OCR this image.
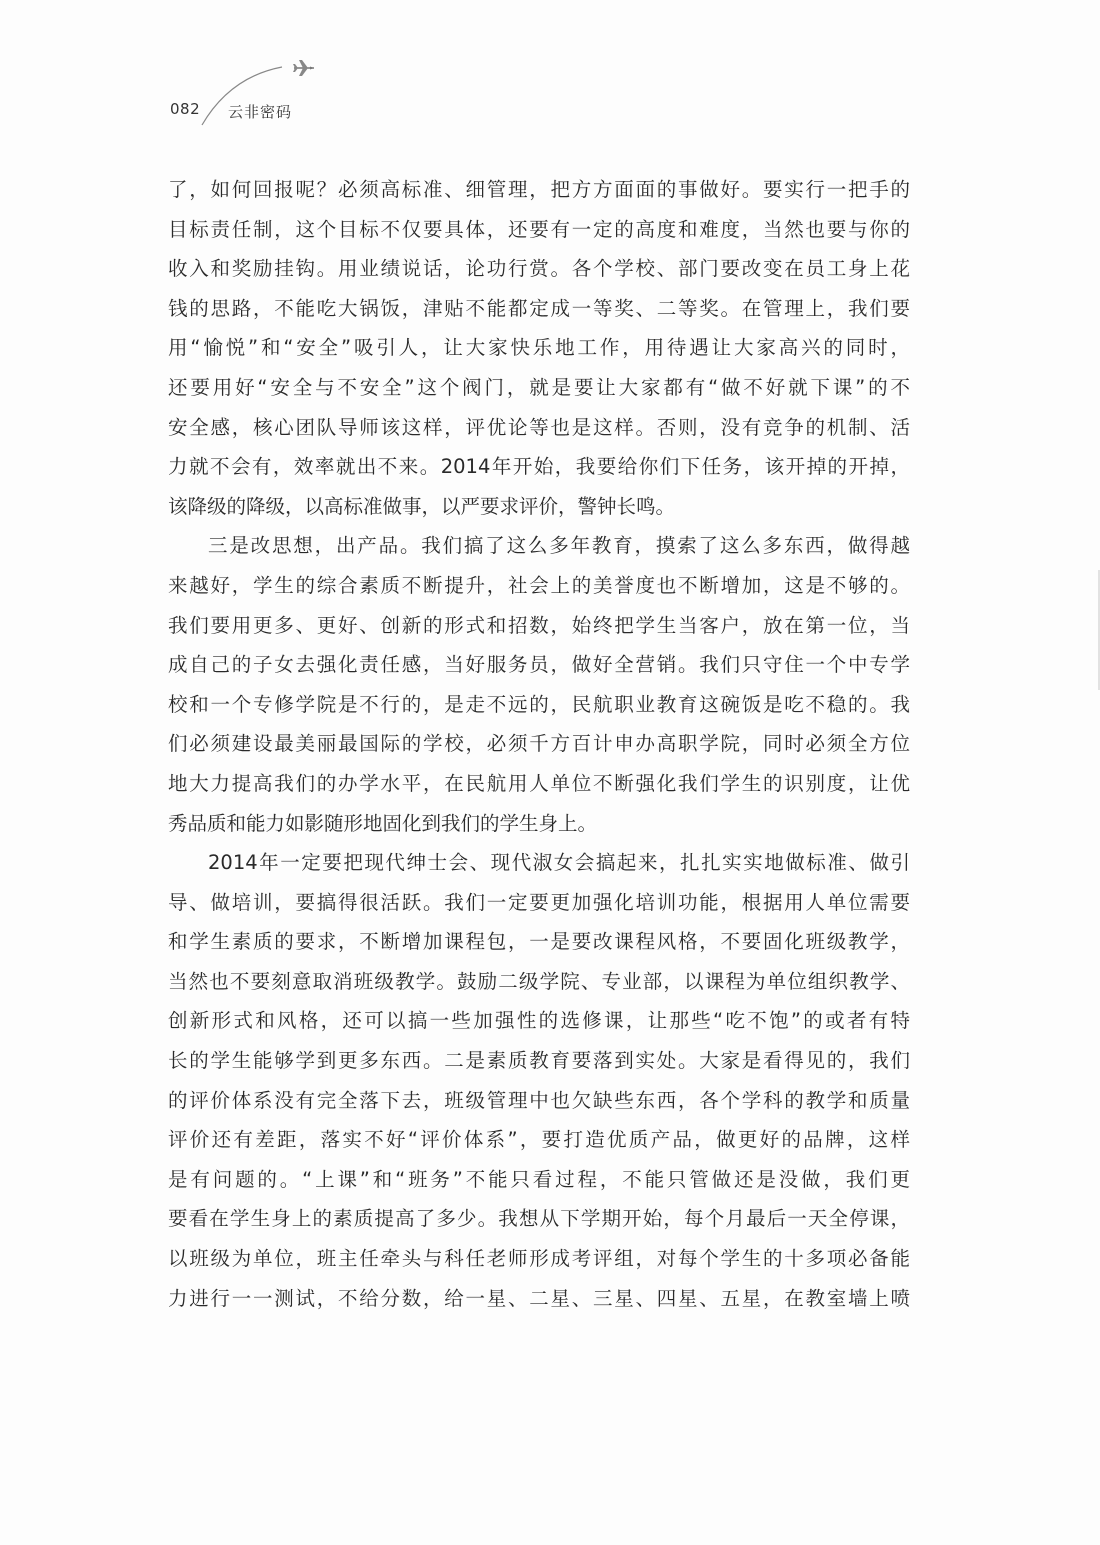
082 云非密码
了，如何回报呢？必须高标准、细管理，把方方面面的事做好。要实行一把手的
目标责任制，这个目标不仅要具体，还要有一定的高度和难度，当然也要与你的
收入和奖励挂钩。用业绩说话，论功行赏。各个学校、部门要改变在员工身上花
钱的思路，不能吃大锅饭，津贴不能都定成一等奖、二等奖。在管理上，我们要
用“愉悦”和“安全”吸引人，让大家快乐地工作，用待遇让大家高兴的同时，
还要用好“安全与不安全”这个阀门，就是要让大家都有“做不好就下课”的不
安全感，核心团队导师该这样，评优论等也是这样。否则，没有竞争的机制、活
力就不会有，效率就出不来。2014年开始，我要给你们下任务，该开掉的开掉，
该降级的降级，以高标准做事，以严要求评价，警钟长鸣。
三是改思想，出产品。我们搞了这么多年教育，摸索了这么多东西，做得越
来越好，学生的综合素质不断提升，社会上的美誉度也不断增加，这是不够的。
我们要用更多、更好、创新的形式和招数，始终把学生当客户，放在第一位，当
成自己的子女去强化责任感，当好服务员，做好全营销。我们只守住一个中专学
校和一个专修学院是不行的，是走不远的，民航职业教育这碗饭是吃不稳的。我
们必须建设最美丽最国际的学校，必须千方百计申办高职学院，同时必须全方位
地大力提高我们的办学水平，在民航用人单位不断强化我们学生的识别度，让优
秀品质和能力如影随形地固化到我们的学生身上。
2014年一定要把现代绅士会、现代淑女会搞起来，扎扎实实地做标准、做引
导、做培训，要搞得很活跃。我们一定要更加强化培训功能，根据用人单位需要
和学生素质的要求，不断增加课程包，一是要改课程风格，不要固化班级教学，
当然也不要刻意取消班级教学。鼓励二级学院、专业部，以课程为单位组织教学、
创新形式和风格，还可以搞一些加强性的选修课，让那些“吃不饱”的或者有特
长的学生能够学到更多东西。二是素质教育要落到实处。大家是看得见的，我们
的评价体系没有完全落下去，班级管理中也欠缺些东西，各个学科的教学和质量
评价还有差距，落实不好“评价体系”，要打造优质产品，做更好的品牌，这样
是有问题的。“上课”和“班务”不能只看过程，不能只管做还是没做，我们更
要看在学生身上的素质提高了多少。我想从下学期开始，每个月最后一天全停课，
以班级为单位，班主任牵头与科任老师形成考评组，对每个学生的十多项必备能
力进行一一测试，不给分数，给一星、二星、三星、四星、五星，在教室墙上喷
